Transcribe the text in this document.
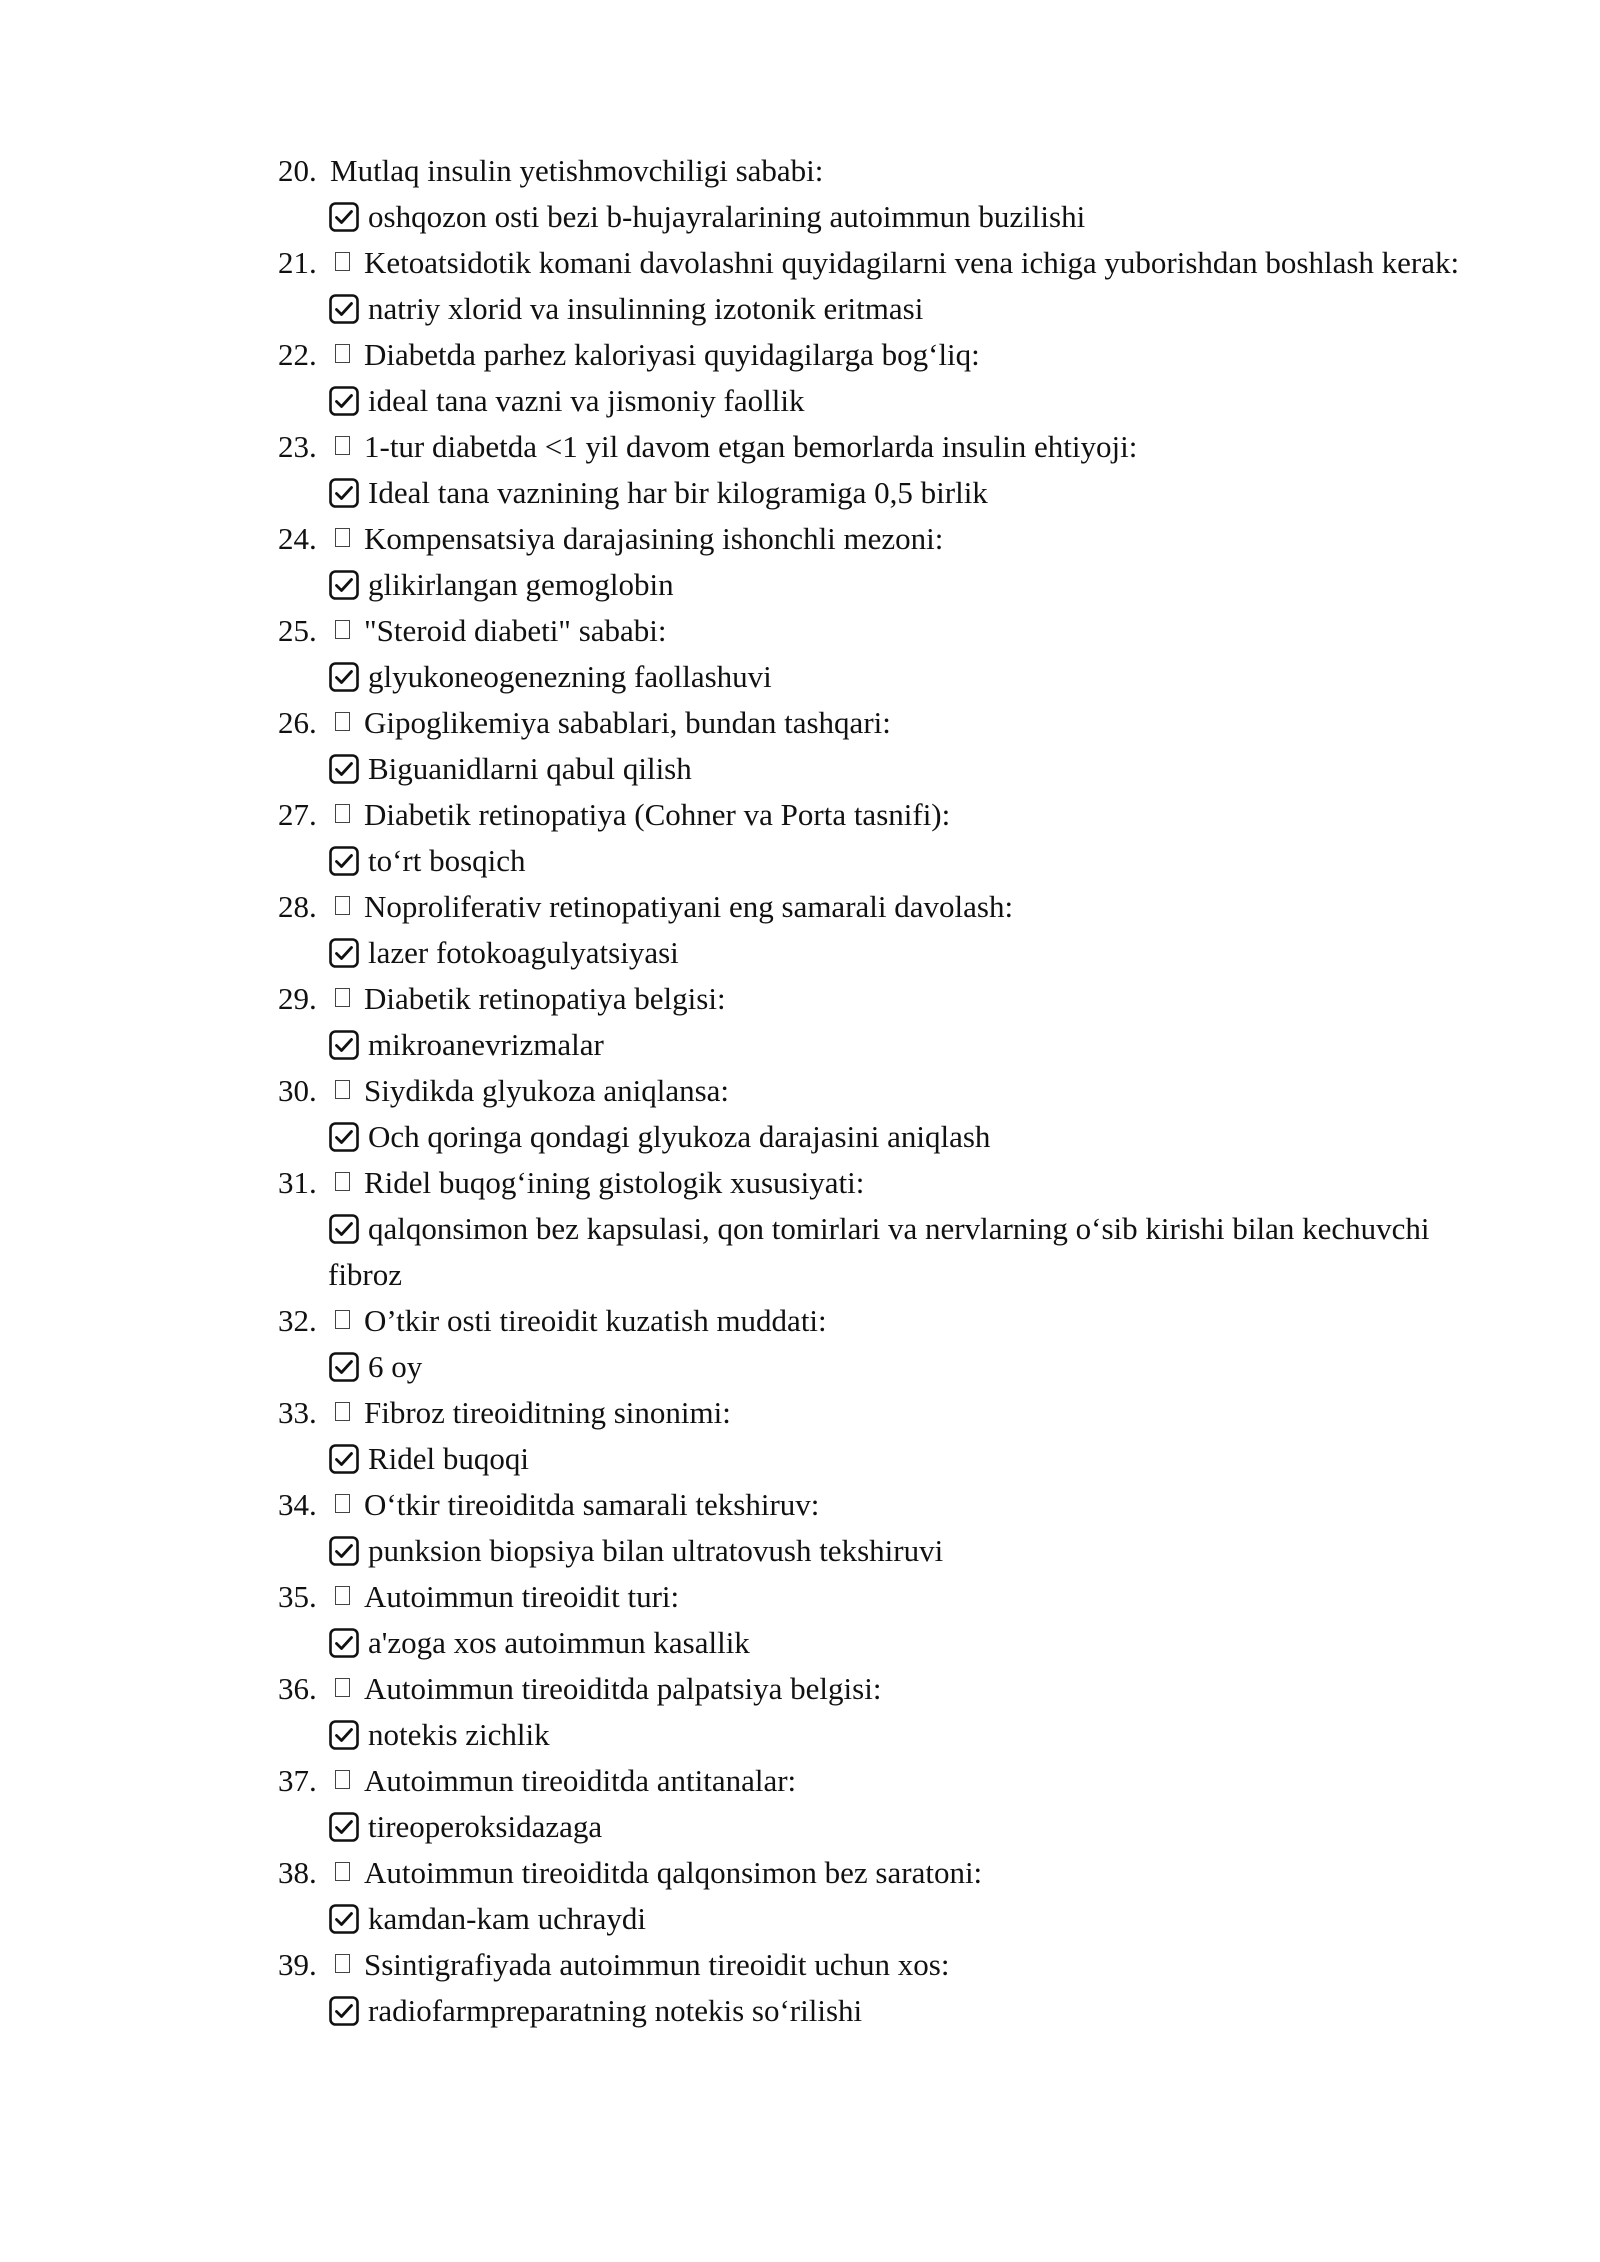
20. Mutlaq insulin yetishmovchiligi sababi:
oshqozon osti bezi b-hujayralarining autoimmun buzilishi
21.	Ketoatsidotik komani davolashni quyidagilarni vena ichiga yuborishdan boshlash kerak:
natriy xlorid va insulinning izotonik eritmasi
22.	Diabetda parhez kaloriyasi quyidagilarga bog‘liq:
ideal tana vazni va jismoniy faollik
23.	1-tur diabetda <1 yil davom etgan bemorlarda insulin ehtiyoji:
Ideal tana vaznining har bir kilogramiga 0,5 birlik
24.	Kompensatsiya darajasining ishonchli mezoni:
glikirlangan gemoglobin
25.	"Steroid diabeti" sababi:
glyukoneogenezning faollashuvi
26.	Gipoglikemiya sabablari, bundan tashqari:
Biguanidlarni qabul qilish
27.	Diabetik retinopatiya (Cohner va Porta tasnifi):
to‘rt bosqich
28.	Noproliferativ retinopatiyani eng samarali davolash:
lazer fotokoagulyatsiyasi
29.	Diabetik retinopatiya belgisi:
mikroanevrizmalar
30.	Siydikda glyukoza aniqlansa:
Och qoringa qondagi glyukoza darajasini aniqlash
31.	Ridel buqog‘ining gistologik xususiyati:
qalqonsimon bez kapsulasi, qon tomirlari va nervlarning o‘sib kirishi bilan kechuvchi fibroz
32.	O’tkir osti tireoidit kuzatish muddati:
6 oy
33.	Fibroz tireoiditning sinonimi:
Ridel buqoqi
34.	O‘tkir tireoiditda samarali tekshiruv:
punksion biopsiya bilan ultratovush tekshiruvi
35.	Autoimmun tireoidit turi:
a'zoga xos autoimmun kasallik
36.	Autoimmun tireoiditda palpatsiya belgisi:
notekis zichlik
37.	Autoimmun tireoiditda antitanalar:
tireoperoksidazaga
38.	Autoimmun tireoiditda qalqonsimon bez saratoni:
kamdan-kam uchraydi
39.	Ssintigrafiyada autoimmun tireoidit uchun xos:
radiofarmpreparatning notekis so‘rilishi
